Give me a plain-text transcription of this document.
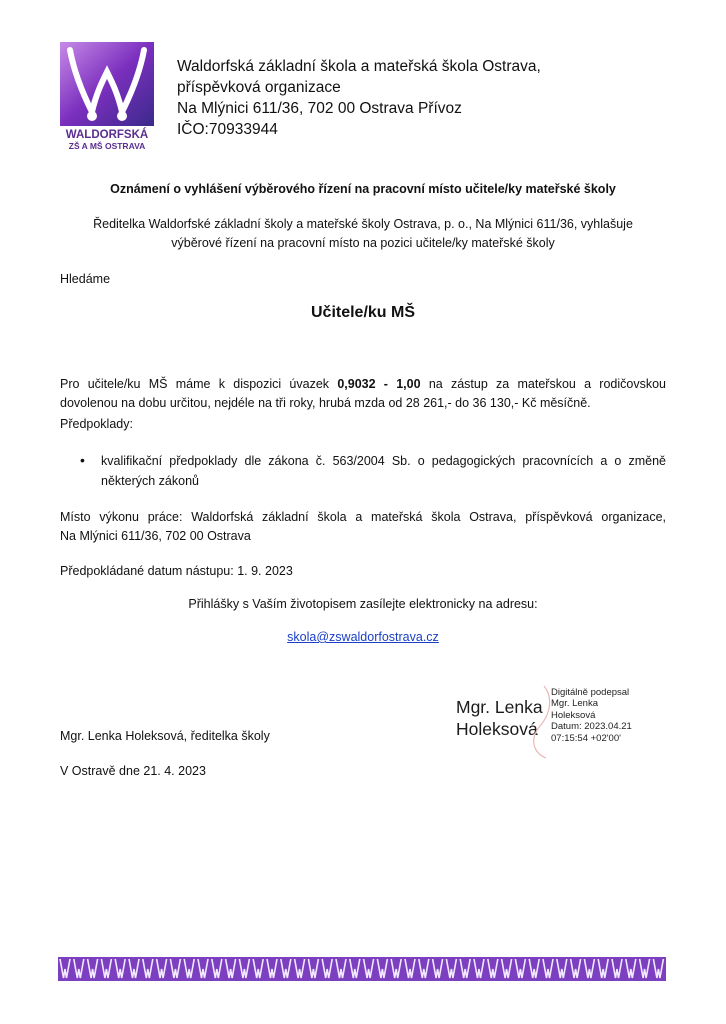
WALDORFSKÁ
ZŠ A MŠ OSTRAVA
Waldorfská základní škola a mateřská škola Ostrava,
příspěvková organizace
Na Mlýnici 611/36, 702 00 Ostrava Přívoz
IČO:70933944
Oznámení o vyhlášení výběrového řízení na pracovní místo učitele/ky mateřské školy
Ředitelka Waldorfské základní školy a mateřské školy Ostrava, p. o., Na Mlýnici 611/36, vyhlašuje
výběrové řízení na pracovní místo na pozici učitele/ky mateřské školy
Hledáme
Učitele/ku MŠ
Pro učitele/ku MŠ máme k dispozici úvazek 0,9032 - 1,00 na zástup za mateřskou a rodičovskou
dovolenou na dobu určitou, nejdéle na tři roky, hrubá mzda od 28 261,- do 36 130,- Kč měsíčně.
Předpoklady:
• kvalifikační předpoklady dle zákona č. 563/2004 Sb. o pedagogických pracovnících a o změně
některých zákonů
Místo výkonu práce: Waldorfská základní škola a mateřská škola Ostrava, příspěvková organizace,
Na Mlýnici 611/36, 702 00 Ostrava
Předpokládané datum nástupu: 1. 9. 2023
Přihlášky s Vaším životopisem zasílejte elektronicky na adresu:
skola@zswaldorfostrava.cz
Mgr. Lenka
Holeksová
Digitálně podepsal
Mgr. Lenka
Holeksová
Datum: 2023.04.21
07:15:54 +02'00'
Mgr. Lenka Holeksová, ředitelka školy
V Ostravě dne 21. 4. 2023
